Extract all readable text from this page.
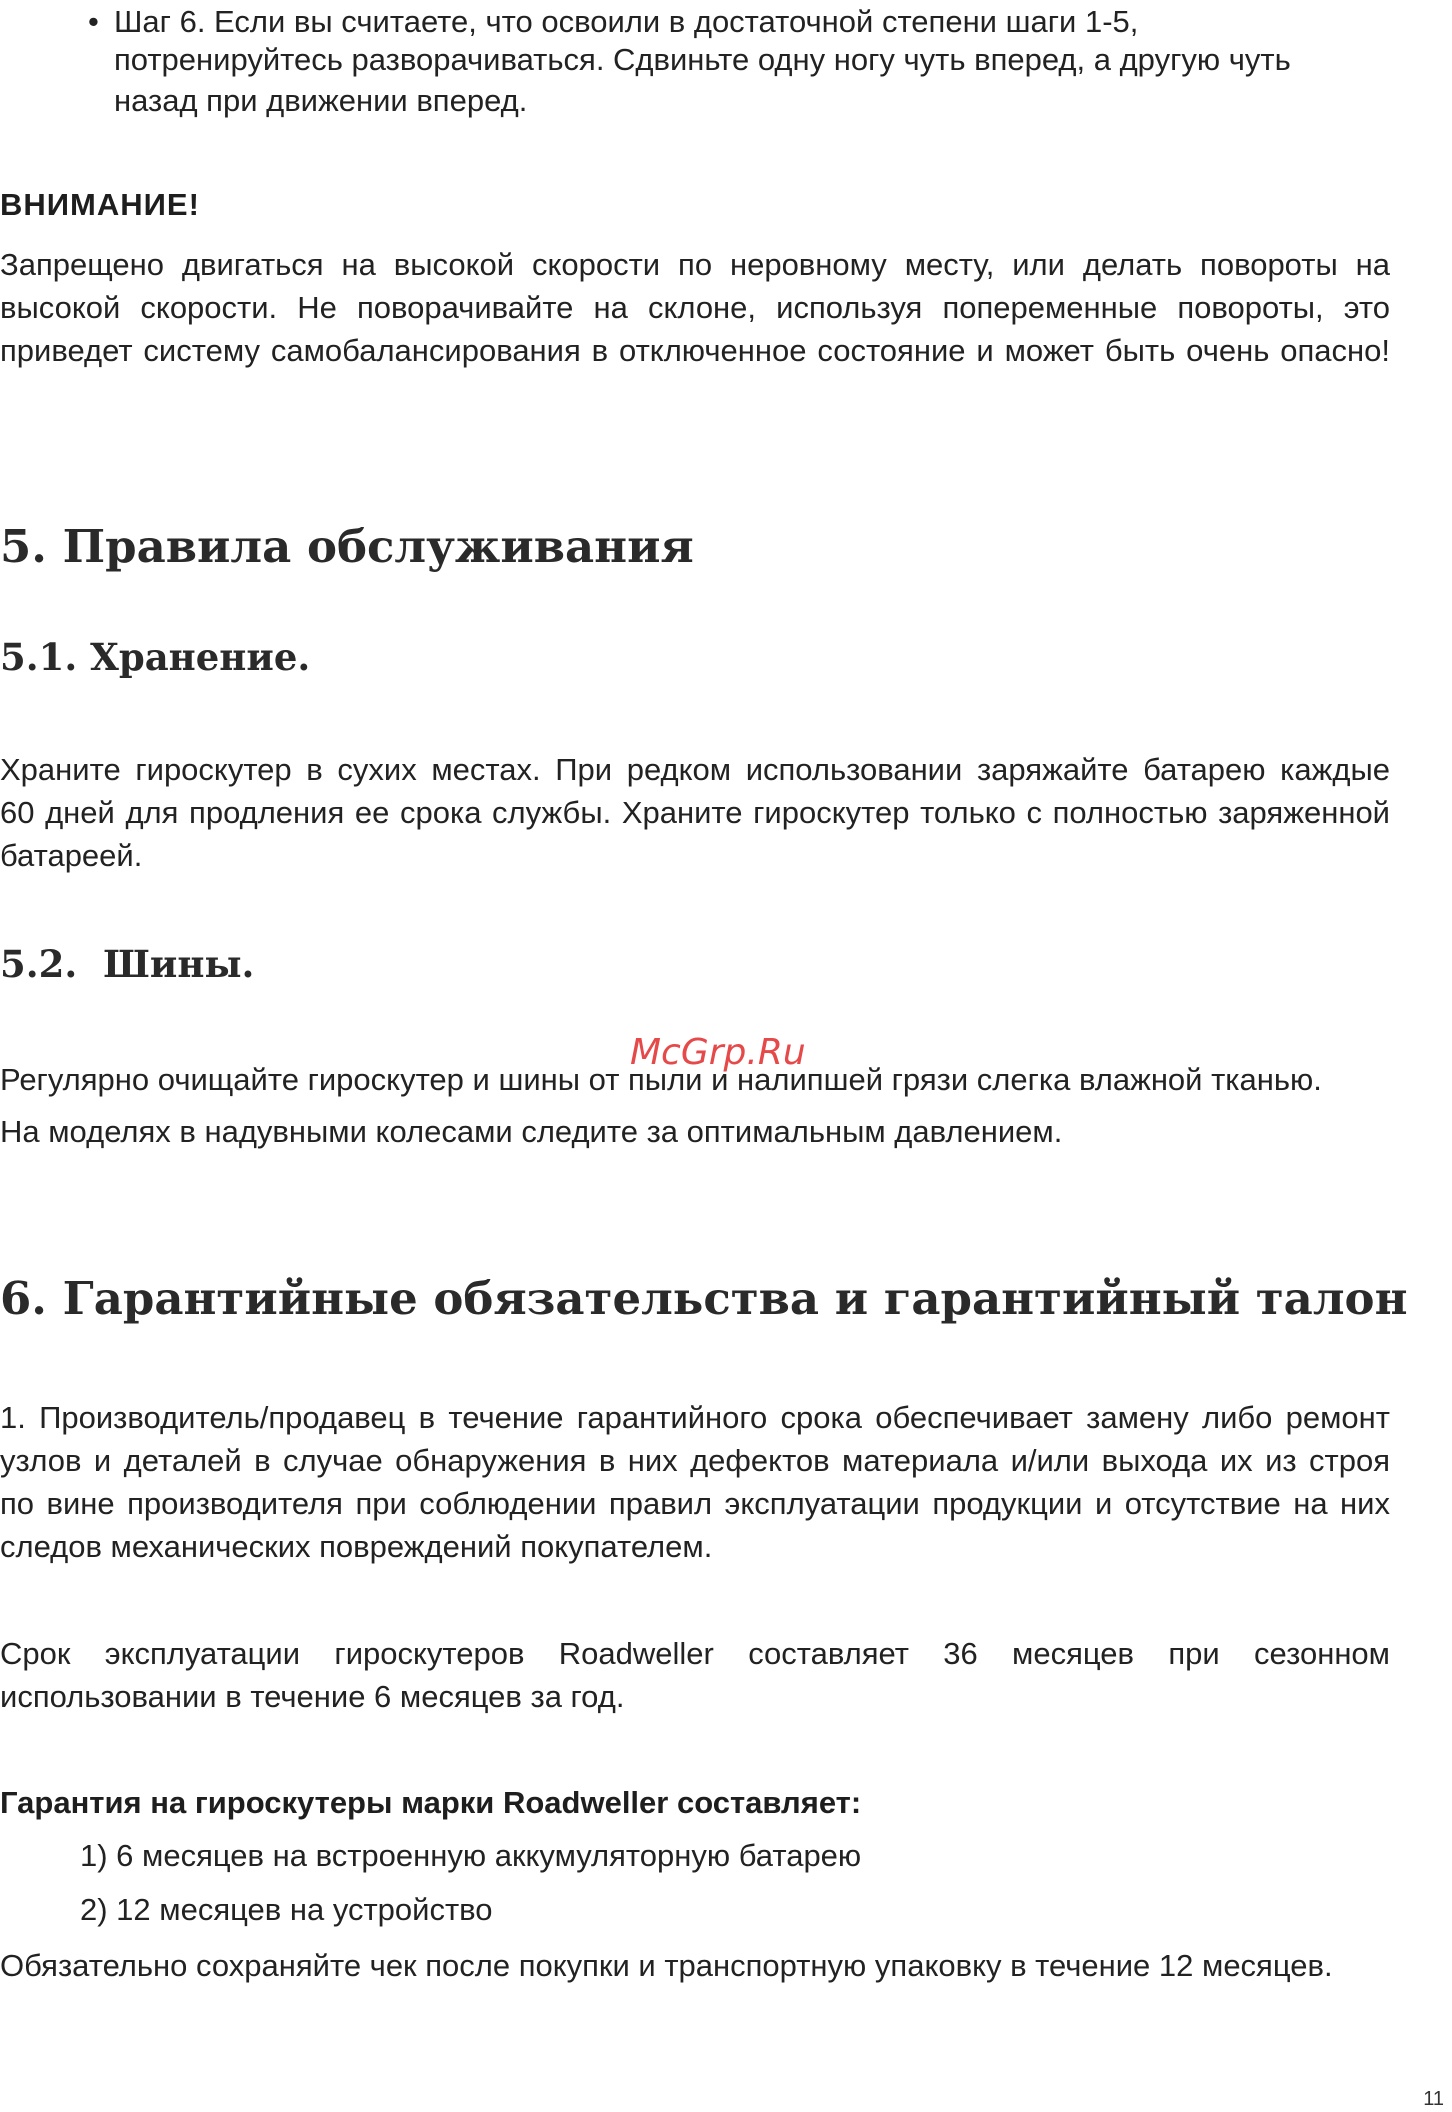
• Шаг 6. Если вы считаете, что освоили в достаточной степени шаги 1-5,
потренируйтесь разворачиваться. Сдвиньте одну ногу чуть вперед, а другую чуть
назад при движении вперед.
ВНИМАНИЕ!
Запрещено двигаться на высокой скорости по неровному месту, или делать повороты на
высокой скорости. Не поворачивайте на склоне, используя попеременные повороты, это
приведет систему самобалансирования в отключенное состояние и может быть очень опасно!
5. Правила обслуживания
5.1. Хранение.
Храните гироскутер в сухих местах. При редком использовании заряжайте батарею каждые
60 дней для продления ее срока службы. Храните гироскутер только с полностью заряженной
батареей.
5.2.  Шины.
Регулярно очищайте гироскутер и шины от пыли и налипшей грязи слегка влажной тканью.
На моделях в надувными колесами следите за оптимальным давлением.
McGrp.Ru
6. Гарантийные обязательства и гарантийный талон
1. Производитель/продавец в течение гарантийного срока обеспечивает замену либо ремонт
узлов и деталей в случае обнаружения в них дефектов материала и/или выхода их из строя
по вине производителя при соблюдении правил эксплуатации продукции и отсутствие на них
следов механических повреждений покупателем.
Срок эксплуатации гироскутеров Roadweller составляет 36 месяцев при сезонном
использовании в течение 6 месяцев за год.
Гарантия на гироскутеры марки Roadweller составляет:
1) 6 месяцев на встроенную аккумуляторную батарею
2) 12 месяцев на устройство
Обязательно сохраняйте чек после покупки и транспортную упаковку в течение 12 месяцев.
11
